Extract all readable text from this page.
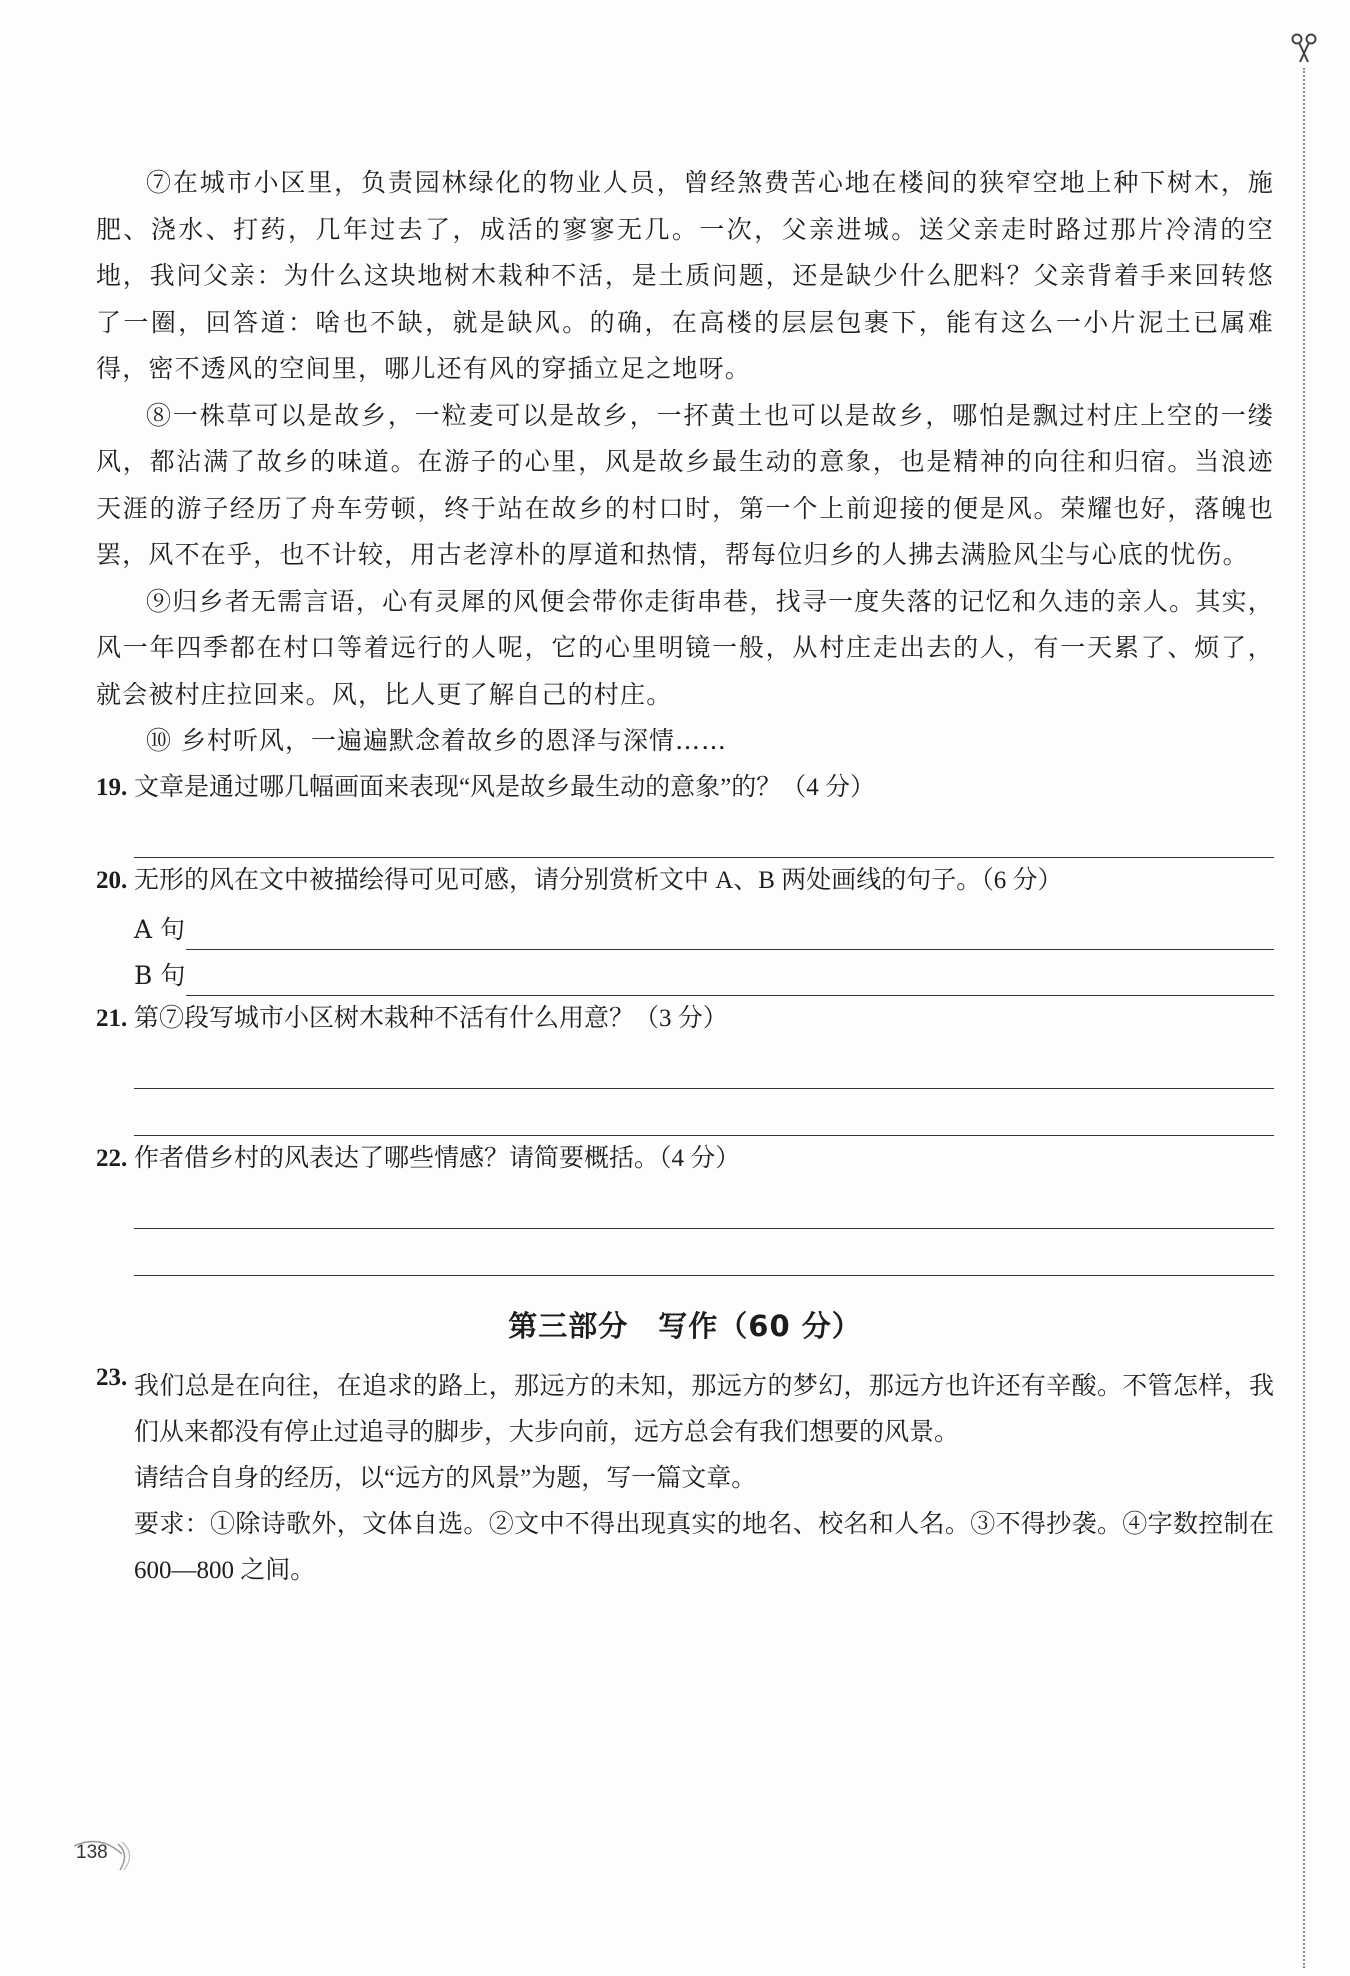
⑦在城市小区里，负责园林绿化的物业人员，曾经煞费苦心地在楼间的狭窄空地上种下树木，施肥、浇水、打药，几年过去了，成活的寥寥无几。一次，父亲进城。送父亲走时路过那片冷清的空地，我问父亲：为什么这块地树木栽种不活，是土质问题，还是缺少什么肥料？父亲背着手来回转悠了一圈，回答道：啥也不缺，就是缺风。的确，在高楼的层层包裹下，能有这么一小片泥土已属难得，密不透风的空间里，哪儿还有风的穿插立足之地呀。

⑧一株草可以是故乡，一粒麦可以是故乡，一抔黄土也可以是故乡，哪怕是飘过村庄上空的一缕风，都沾满了故乡的味道。在游子的心里，风是故乡最生动的意象，也是精神的向往和归宿。当浪迹天涯的游子经历了舟车劳顿，终于站在故乡的村口时，第一个上前迎接的便是风。荣耀也好，落魄也罢，风不在乎，也不计较，用古老淳朴的厚道和热情，帮每位归乡的人拂去满脸风尘与心底的忧伤。

⑨归乡者无需言语，心有灵犀的风便会带你走街串巷，找寻一度失落的记忆和久违的亲人。其实，风一年四季都在村口等着远行的人呢，它的心里明镜一般，从村庄走出去的人，有一天累了、烦了，就会被村庄拉回来。风，比人更了解自己的村庄。

⑩ 乡村听风，一遍遍默念着故乡的恩泽与深情……

19. 文章是通过哪几幅画面来表现“风是故乡最生动的意象”的？（4 分）

20. 无形的风在文中被描绘得可见可感，请分别赏析文中 A、B 两处画线的句子。（6 分）

A 句
B 句

21. 第⑦段写城市小区树木栽种不活有什么用意？（3 分）

22. 作者借乡村的风表达了哪些情感？请简要概括。（4 分）

第三部分　写作（60 分）
23. 我们总是在向往，在追求的路上，那远方的未知，那远方的梦幻，那远方也许还有辛酸。不管怎样，我们从来都没有停止过追寻的脚步，大步向前，远方总会有我们想要的风景。

请结合自身的经历，以“远方的风景”为题，写一篇文章。

要求：①除诗歌外，文体自选。②文中不得出现真实的地名、校名和人名。③不得抄袭。④字数控制在 600—800 之间。

138
